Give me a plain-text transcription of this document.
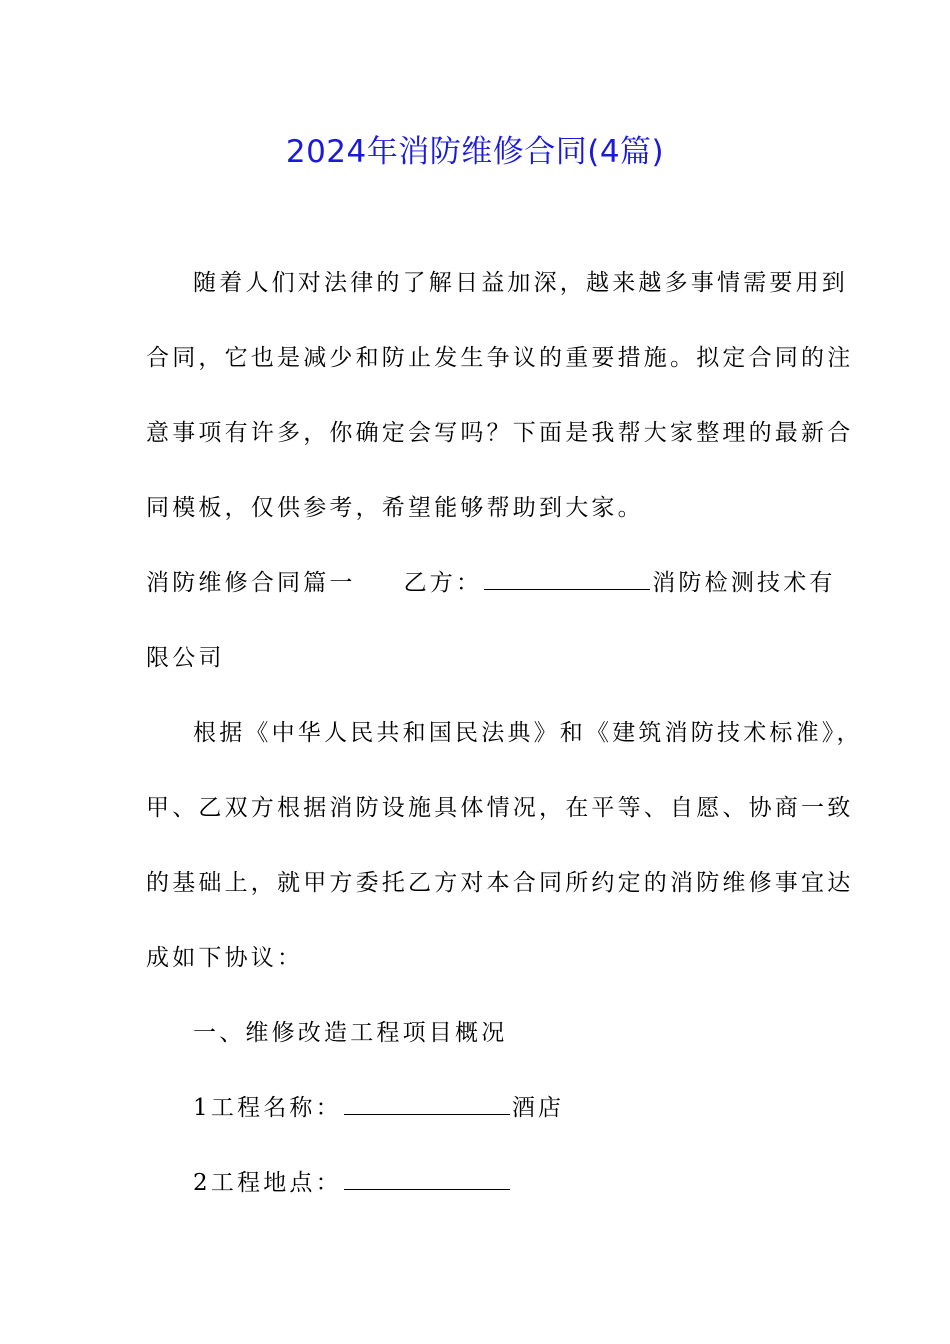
2024年消防维修合同(4篇)
随着人们对法律的了解日益加深，越来越多事情需要用到
合同，它也是减少和防止发生争议的重要措施。拟定合同的注
意事项有许多，你确定会写吗？下面是我帮大家整理的最新合
同模板，仅供参考，希望能够帮助到大家。
消防维修合同篇一 乙方：	消防检测技术有
限公司
根据《中华人民共和国民法典》和《建筑消防技术标准》，
甲、乙双方根据消防设施具体情况，在平等、自愿、协商一致
的基础上，就甲方委托乙方对本合同所约定的消防维修事宜达
成如下协议：
一、维修改造工程项目概况
1工程名称：	酒店
2工程地点：
